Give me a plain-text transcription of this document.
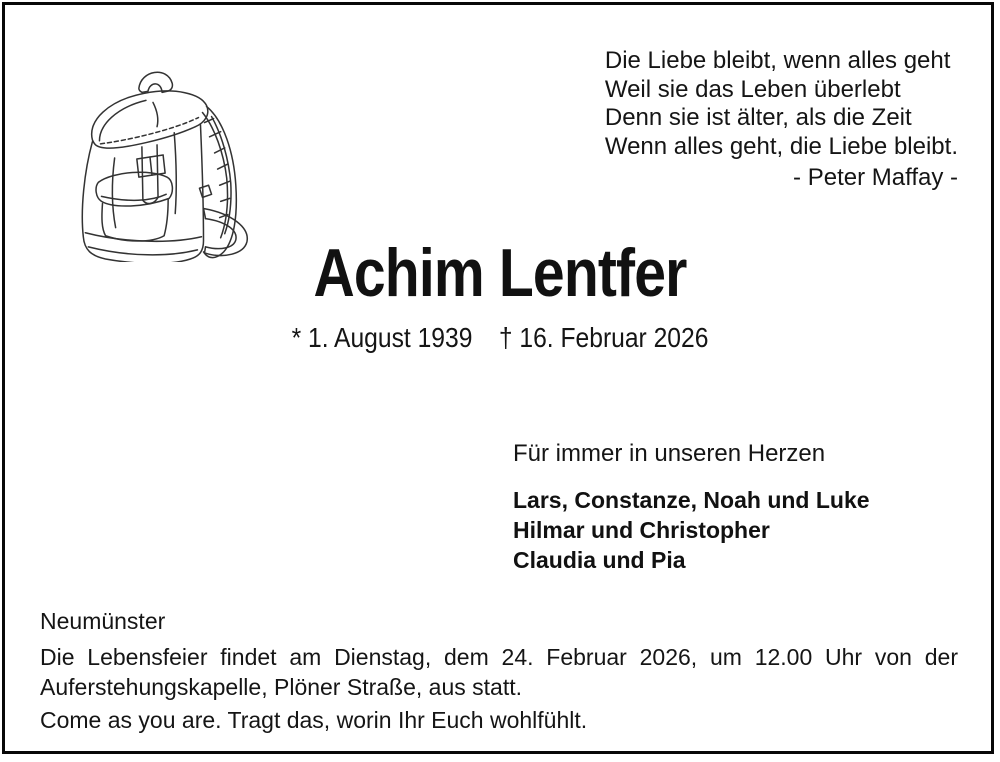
Die Liebe bleibt, wenn alles geht
Weil sie das Leben überlebt
Denn sie ist älter, als die Zeit
Wenn alles geht, die Liebe bleibt.
- Peter Maffay -
Achim Lentfer
* 1. August 1939 † 16. Februar 2026
Für immer in unseren Herzen
Lars, Constanze, Noah und Luke
Hilmar und Christopher
Claudia und Pia
Neumünster
Die Lebensfeier findet am Dienstag, dem 24. Februar 2026, um 12.00 Uhr von der Auferstehungskapelle, Plöner Straße, aus statt.
Come as you are. Tragt das, worin Ihr Euch wohlfühlt.
